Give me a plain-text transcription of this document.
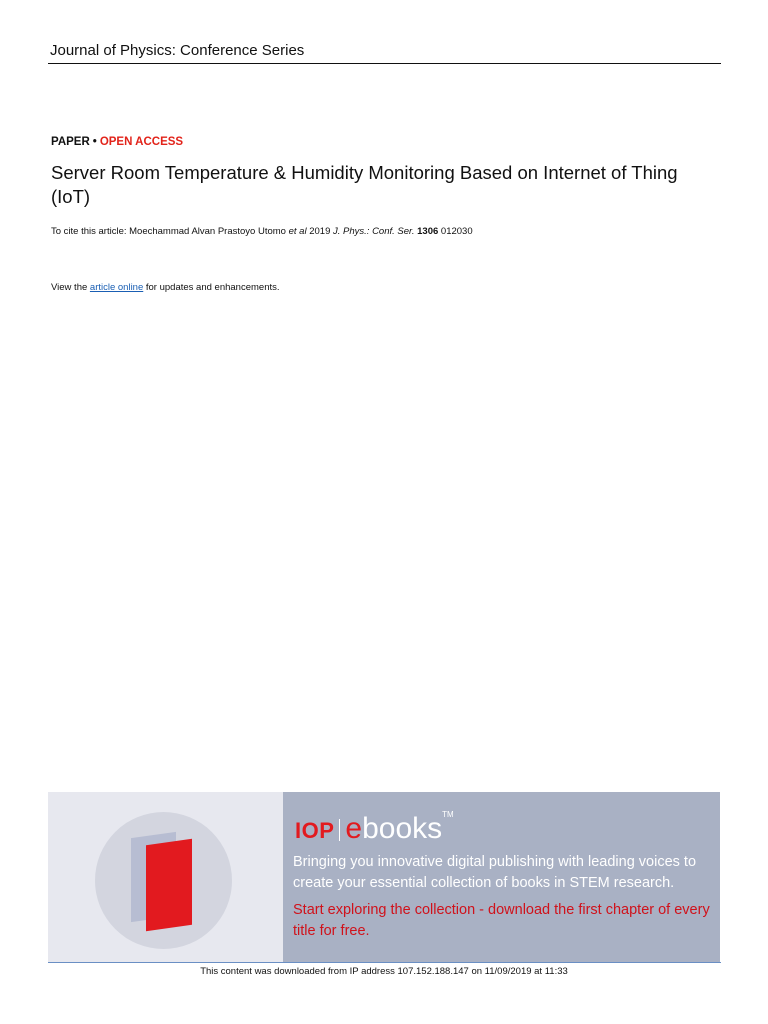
Journal of Physics: Conference Series
PAPER • OPEN ACCESS
Server Room Temperature & Humidity Monitoring Based on Internet of Thing (IoT)
To cite this article: Moechammad Alvan Prastoyo Utomo et al 2019 J. Phys.: Conf. Ser. 1306 012030
View the article online for updates and enhancements.
IOP e books TM
Bringing you innovative digital publishing with leading voices to create your essential collection of books in STEM research.
Start exploring the collection - download the first chapter of every title for free.
This content was downloaded from IP address 107.152.188.147 on 11/09/2019 at 11:33
